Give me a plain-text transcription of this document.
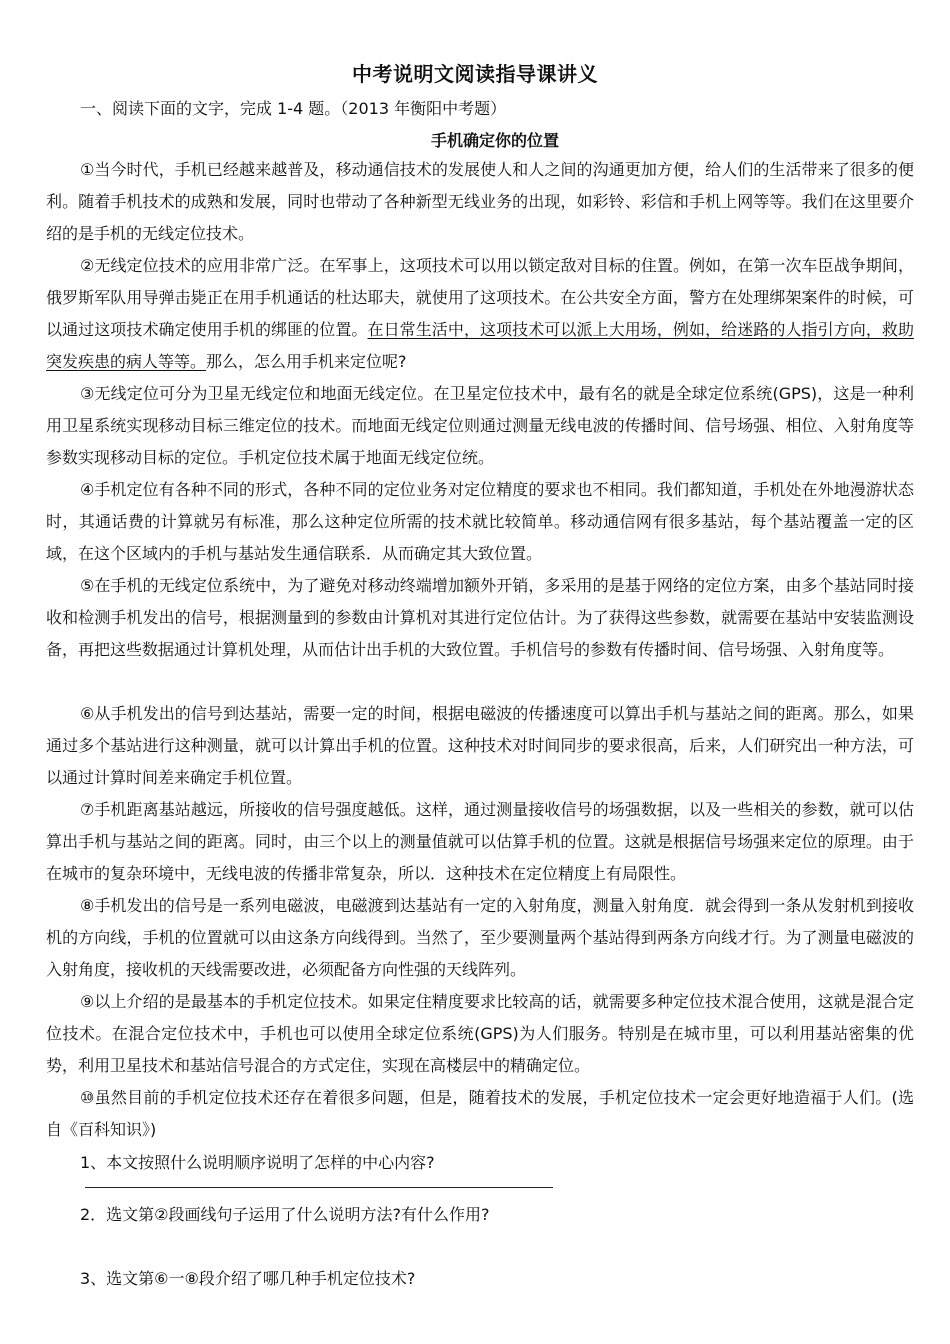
中考说明文阅读指导课讲义
一、阅读下面的文字，完成 1-4 题。（2013 年衡阳中考题）
手机确定你的位置

①当今时代，手机已经越来越普及，移动通信技术的发展使人和人之间的沟通更加方便，给人们的生活带来了很多的便利。随着手机技术的成熟和发展，同时也带动了各种新型无线业务的出现，如彩铃、彩信和手机上网等等。我们在这里要介绍的是手机的无线定位技术。

②无线定位技术的应用非常广泛。在军事上，这项技术可以用以锁定敌对目标的住置。例如，在第一次车臣战争期间，俄罗斯军队用导弹击毙正在用手机通话的杜达耶夫，就使用了这项技术。在公共安全方面，警方在处理绑架案件的时候，可以通过这项技术确定使用手机的绑匪的位置。在日常生活中，这项技术可以派上大用场，例如，给迷路的人指引方向，救助突发疾患的病人等等。那么，怎么用手机来定位呢?

③无线定位可分为卫星无线定位和地面无线定位。在卫星定位技术中，最有名的就是全球定位系统(GPS)，这是一种利用卫星系统实现移动目标三维定位的技术。而地面无线定位则通过测量无线电波的传播时间、信号场强、相位、入射角度等参数实现移动目标的定位。手机定位技术属于地面无线定位统。

④手机定位有各种不同的形式，各种不同的定位业务对定位精度的要求也不相同。我们都知道，手机处在外地漫游状态时，其通话费的计算就另有标准，那么这种定位所需的技术就比较简单。移动通信网有很多基站，每个基站覆盖一定的区域，在这个区域内的手机与基站发生通信联系．从而确定其大致位置。

⑤在手机的无线定位系统中，为了避免对移动终端增加额外开销，多采用的是基于网络的定位方案，由多个基站同时接收和检测手机发出的信号，根据测量到的参数由计算机对其进行定位估计。为了获得这些参数，就需要在基站中安装监测设备，再把这些数据通过计算机处理，从而估计出手机的大致位置。手机信号的参数有传播时间、信号场强、入射角度等。

⑥从手机发出的信号到达基站，需要一定的时间，根据电磁波的传播速度可以算出手机与基站之间的距离。那么，如果通过多个基站进行这种测量，就可以计算出手机的位置。这种技术对时间同步的要求很高，后来，人们研究出一种方法，可以通过计算时间差来确定手机位置。

⑦手机距离基站越远，所接收的信号强度越低。这样，通过测量接收信号的场强数据，以及一些相关的参数，就可以估算出手机与基站之间的距离。同时，由三个以上的测量值就可以估算手机的位置。这就是根据信号场强来定位的原理。由于在城市的复杂环境中，无线电波的传播非常复杂，所以．这种技术在定位精度上有局限性。

⑧手机发出的信号是一系列电磁波，电磁渡到达基站有一定的入射角度，测量入射角度．就会得到一条从发射机到接收机的方向线，手机的位置就可以由这条方向线得到。当然了，至少要测量两个基站得到两条方向线才行。为了测量电磁波的入射角度，接收机的天线需要改进，必须配备方向性强的天线阵列。

⑨以上介绍的是最基本的手机定位技术。如果定住精度要求比较高的话，就需要多种定位技术混合使用，这就是混合定位技术。在混合定位技术中，手机也可以使用全球定位系统(GPS)为人们服务。特别是在城市里，可以利用基站密集的优势，利用卫星技术和基站信号混合的方式定住，实现在高楼层中的精确定位。

⑩虽然目前的手机定位技术还存在着很多问题，但是，随着技术的发展，手机定位技术一定会更好地造福于人们。(选自《百科知识》)

1、本文按照什么说明顺序说明了怎样的中心内容?
2．选文第②段画线句子运用了什么说明方法?有什么作用?
3、选文第⑥一⑧段介绍了哪几种手机定位技术?
